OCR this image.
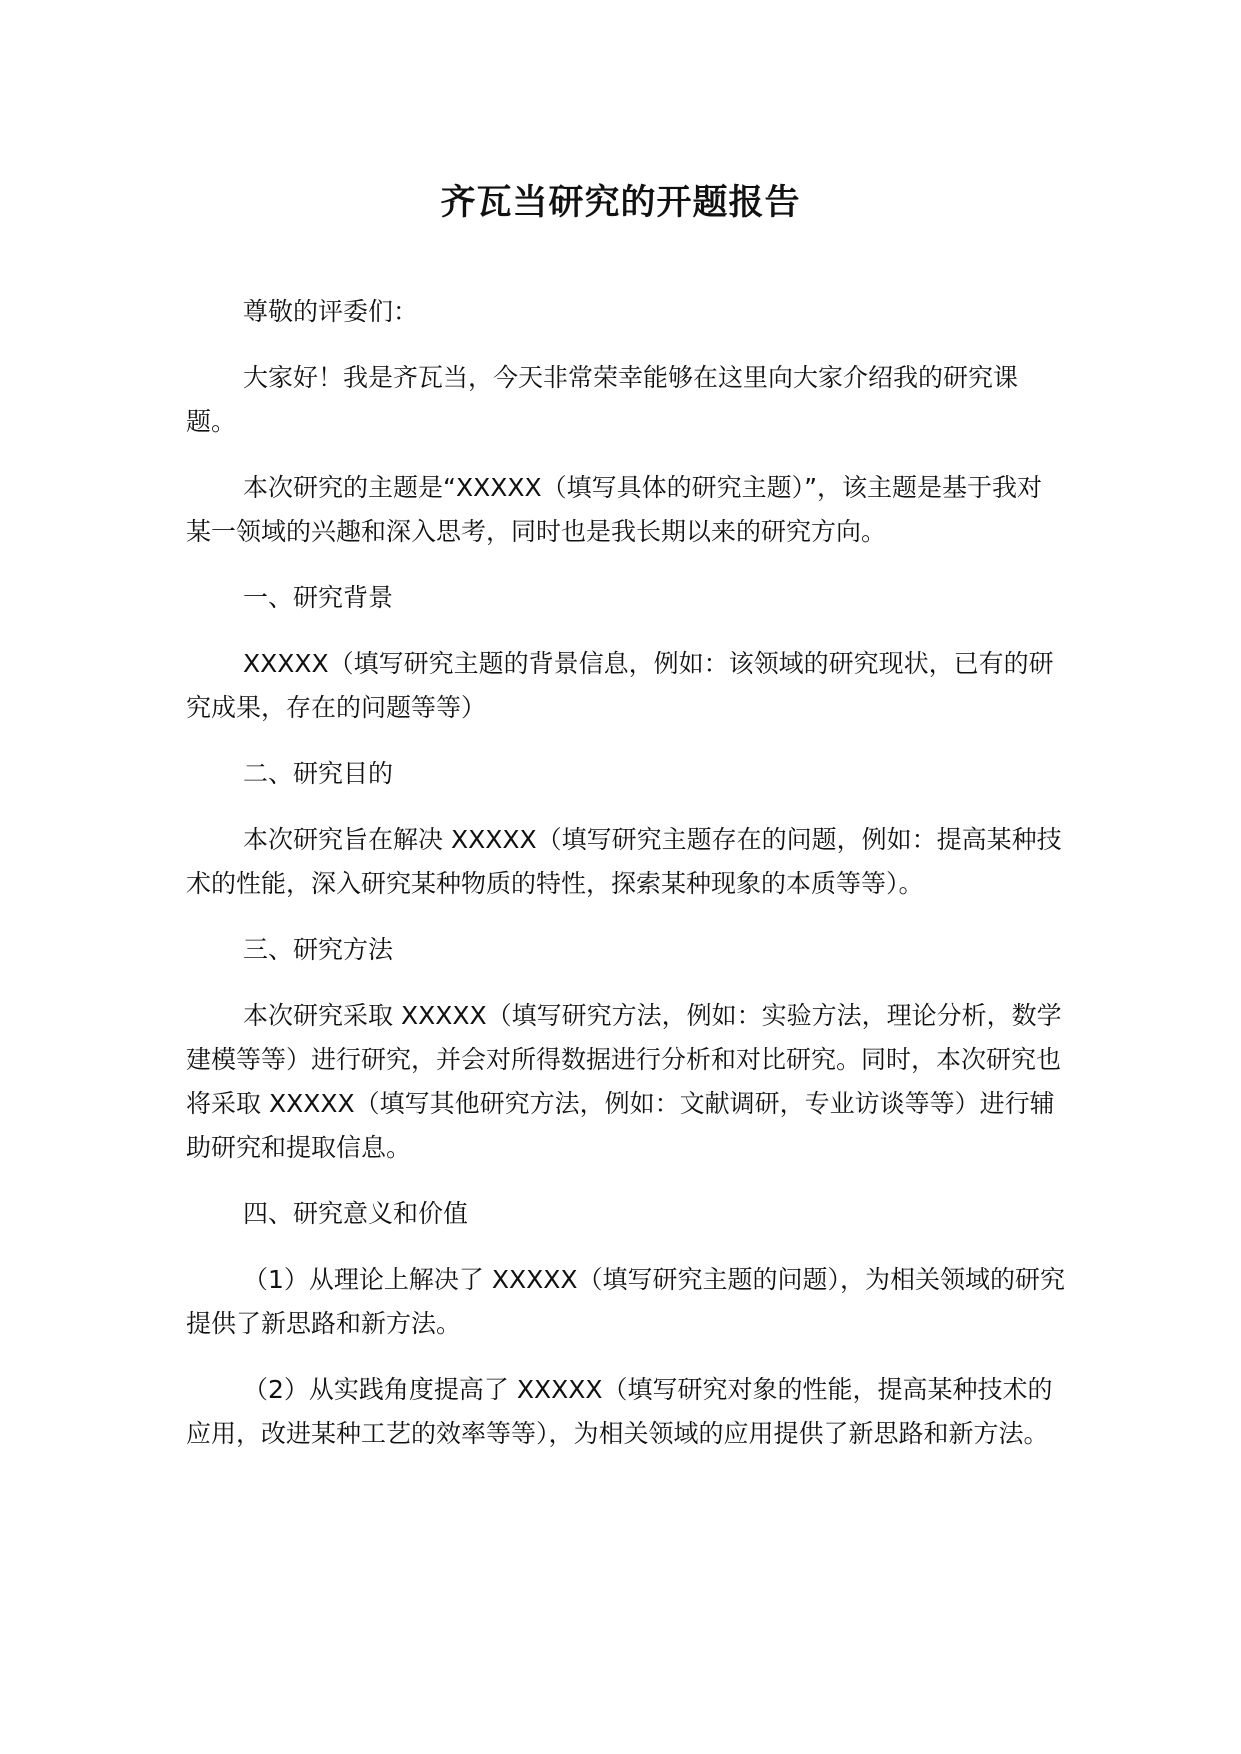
齐瓦当研究的开题报告

尊敬的评委们：

大家好！我是齐瓦当，今天非常荣幸能够在这里向大家介绍我的研究课题。

本次研究的主题是“XXXXX（填写具体的研究主题）”，该主题是基于我对某一领域的兴趣和深入思考，同时也是我长期以来的研究方向。

一、研究背景

XXXXX（填写研究主题的背景信息，例如：该领域的研究现状，已有的研究成果，存在的问题等等）

二、研究目的

本次研究旨在解决 XXXXX（填写研究主题存在的问题，例如：提高某种技术的性能，深入研究某种物质的特性，探索某种现象的本质等等）。

三、研究方法

本次研究采取 XXXXX（填写研究方法，例如：实验方法，理论分析，数学建模等等）进行研究，并会对所得数据进行分析和对比研究。同时，本次研究也将采取 XXXXX（填写其他研究方法，例如：文献调研，专业访谈等等）进行辅助研究和提取信息。

四、研究意义和价值

（1）从理论上解决了 XXXXX（填写研究主题的问题），为相关领域的研究提供了新思路和新方法。

（2）从实践角度提高了 XXXXX（填写研究对象的性能，提高某种技术的应用，改进某种工艺的效率等等），为相关领域的应用提供了新思路和新方法。
